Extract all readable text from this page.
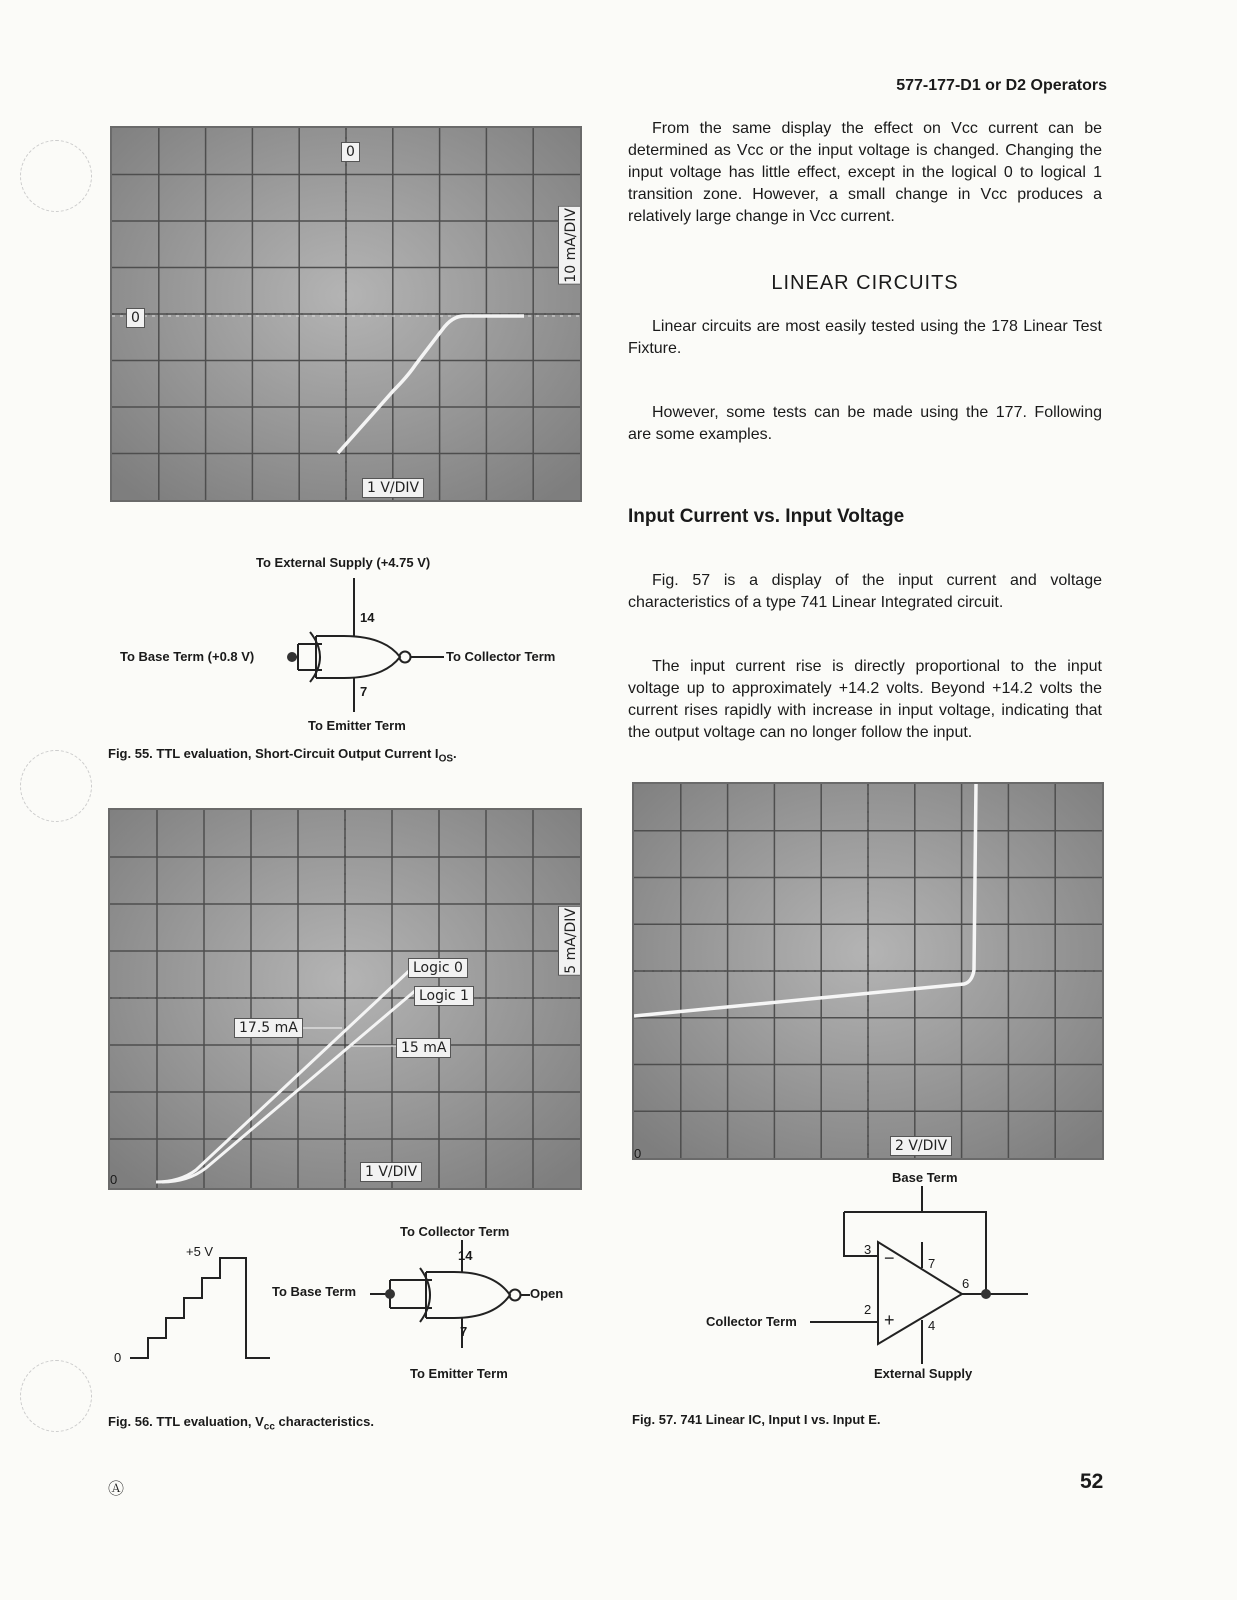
577-177-D1 or D2 Operators
0
0
10 mA/DIV
1 V/DIV
To External Supply (+4.75 V)
14
To Base Term (+0.8 V)	To Collector Term
7
To Emitter Term
Fig. 55. TTL evaluation, Short-Circuit Output Current $I_{OS}$.
5 mA/DIV
Logic 0
Logic 1
17.5 mA
15 mA
1 V/DIV
0
+5 V
0
To Collector Term
14
To Base Term	Open
7
To Emitter Term
Fig. 56. TTL evaluation, $V_{cc}$ characteristics.
From the same display the effect on Vcc current can be determined as Vcc or the input voltage is changed. Changing the input voltage has little effect, except in the logical 0 to logical 1 transition zone. However, a small change in Vcc produces a relatively large change in Vcc current.
LINEAR CIRCUITS
Linear circuits are most easily tested using the 178 Linear Test Fixture.
However, some tests can be made using the 177. Following are some examples.
Input Current vs. Input Voltage
Fig. 57 is a display of the input current and voltage characteristics of a type 741 Linear Integrated circuit.
The input current rise is directly proportional to the input voltage up to approximately +14.2 volts. Beyond +14.2 volts the current rises rapidly with increase in input voltage, indicating that the output voltage can no longer follow the input.
2 V/DIV
0
Base Term
3
7
6
2
4
−
+
Collector Term
External Supply
Fig. 57. 741 Linear IC, Input I vs. Input E.
Ⓐ	52
